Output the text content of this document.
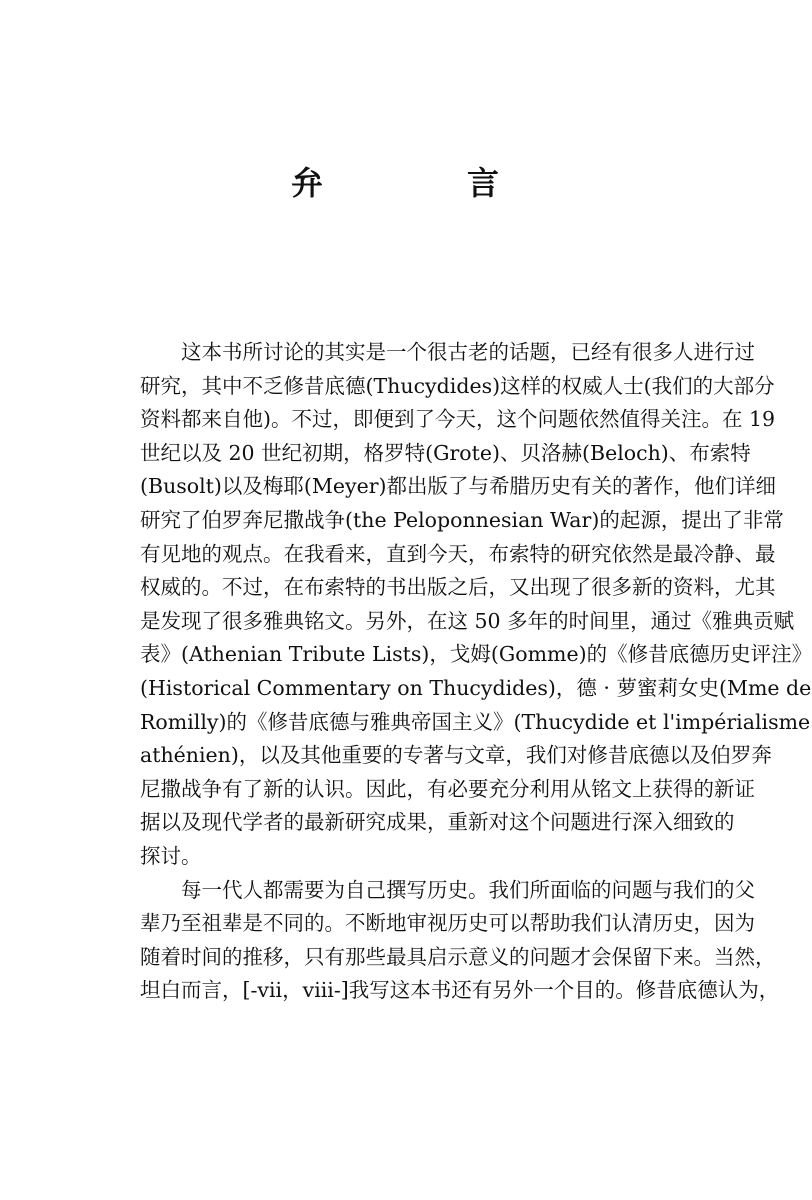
弁　言
这本书所讨论的其实是一个很古老的话题，已经有很多人进行过
研究，其中不乏修昔底德(Thucydides)这样的权威人士(我们的大部分
资料都来自他)。不过，即便到了今天，这个问题依然值得关注。在 19
世纪以及 20 世纪初期，格罗特(Grote)、贝洛赫(Beloch)、布索特
(Busolt)以及梅耶(Meyer)都出版了与希腊历史有关的著作，他们详细
研究了伯罗奔尼撒战争(the Peloponnesian War)的起源，提出了非常
有见地的观点。在我看来，直到今天，布索特的研究依然是最冷静、最
权威的。不过，在布索特的书出版之后，又出现了很多新的资料，尤其
是发现了很多雅典铭文。另外，在这 50 多年的时间里，通过《雅典贡赋
表》(Athenian Tribute Lists)，戈姆(Gomme)的《修昔底德历史评注》
(Historical Commentary on Thucydides)，德 · 萝蜜莉女史(Mme de
Romilly)的《修昔底德与雅典帝国主义》(Thucydide et l'impérialisme
athénien)，以及其他重要的专著与文章，我们对修昔底德以及伯罗奔
尼撒战争有了新的认识。因此，有必要充分利用从铭文上获得的新证
据以及现代学者的最新研究成果，重新对这个问题进行深入细致的
探讨。
每一代人都需要为自己撰写历史。我们所面临的问题与我们的父
辈乃至祖辈是不同的。不断地审视历史可以帮助我们认清历史，因为
随着时间的推移，只有那些最具启示意义的问题才会保留下来。当然，
坦白而言，[-vii，viii-]我写这本书还有另外一个目的。修昔底德认为，
